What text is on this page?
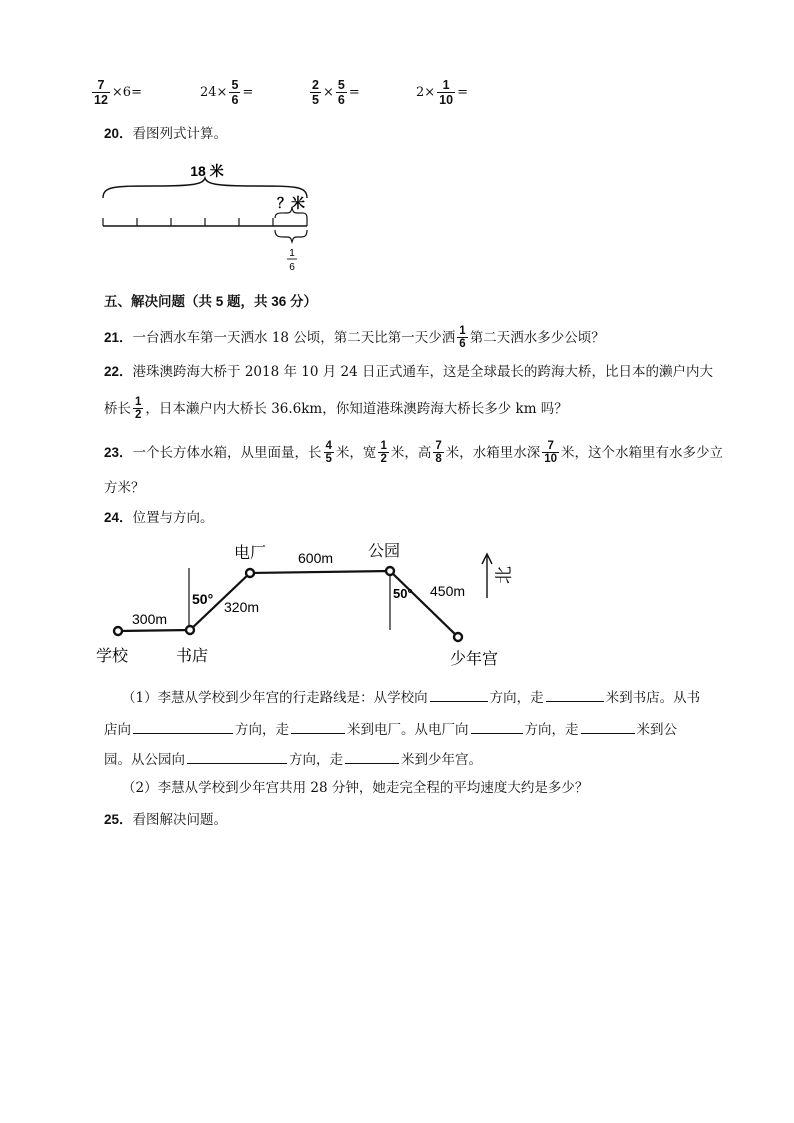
$\frac{7}{12} \times 6=$	$24\times \frac{5}{6}$ =	$\frac{2}{5} \times \frac{5}{6}$ =	$2\times \frac{1}{10}$ =
20．看图列式计算。
18 米
？米
1
6
五、解决问题（共 5 题，共 36 分）
21． 一台洒水车第一天洒水 18 公顷，第二天比第一天少洒 $\frac{1}{6}$ 第二天洒水多少公顷？
22．港珠澳跨海大桥于 2018 年 10 月 24 日正式通车，这是全球最长的跨海大桥，比日本的濑户内大
桥长 $\frac{1}{2}$ ，日本濑户内大桥长 36.6km，你知道港珠澳跨海大桥长多少 km 吗？
23． 一个长方体水箱，从里面量，长 $\frac{4}{5}$ 米，宽 $\frac{1}{2}$ 米，高 $\frac{7}{8}$ 米，水箱里水深 $\frac{7}{10}$ 米，这个水箱里有水多少立
方米？
24．位置与方向。
学校	书店
电厂	公园
少年宫
300m
320m
600m
450m
50°	50°
北
（1）李慧从学校到少年宫的行走路线是：从学校向	方向，走	米到书店。从书
店向	方向，走	米到电厂。从电厂向	方向，走	米到公
园。从公园向	方向，走	米到少年宫。
（2）李慧从学校到少年宫共用 28 分钟，她走完全程的平均速度大约是多少？
25．看图解决问题。
